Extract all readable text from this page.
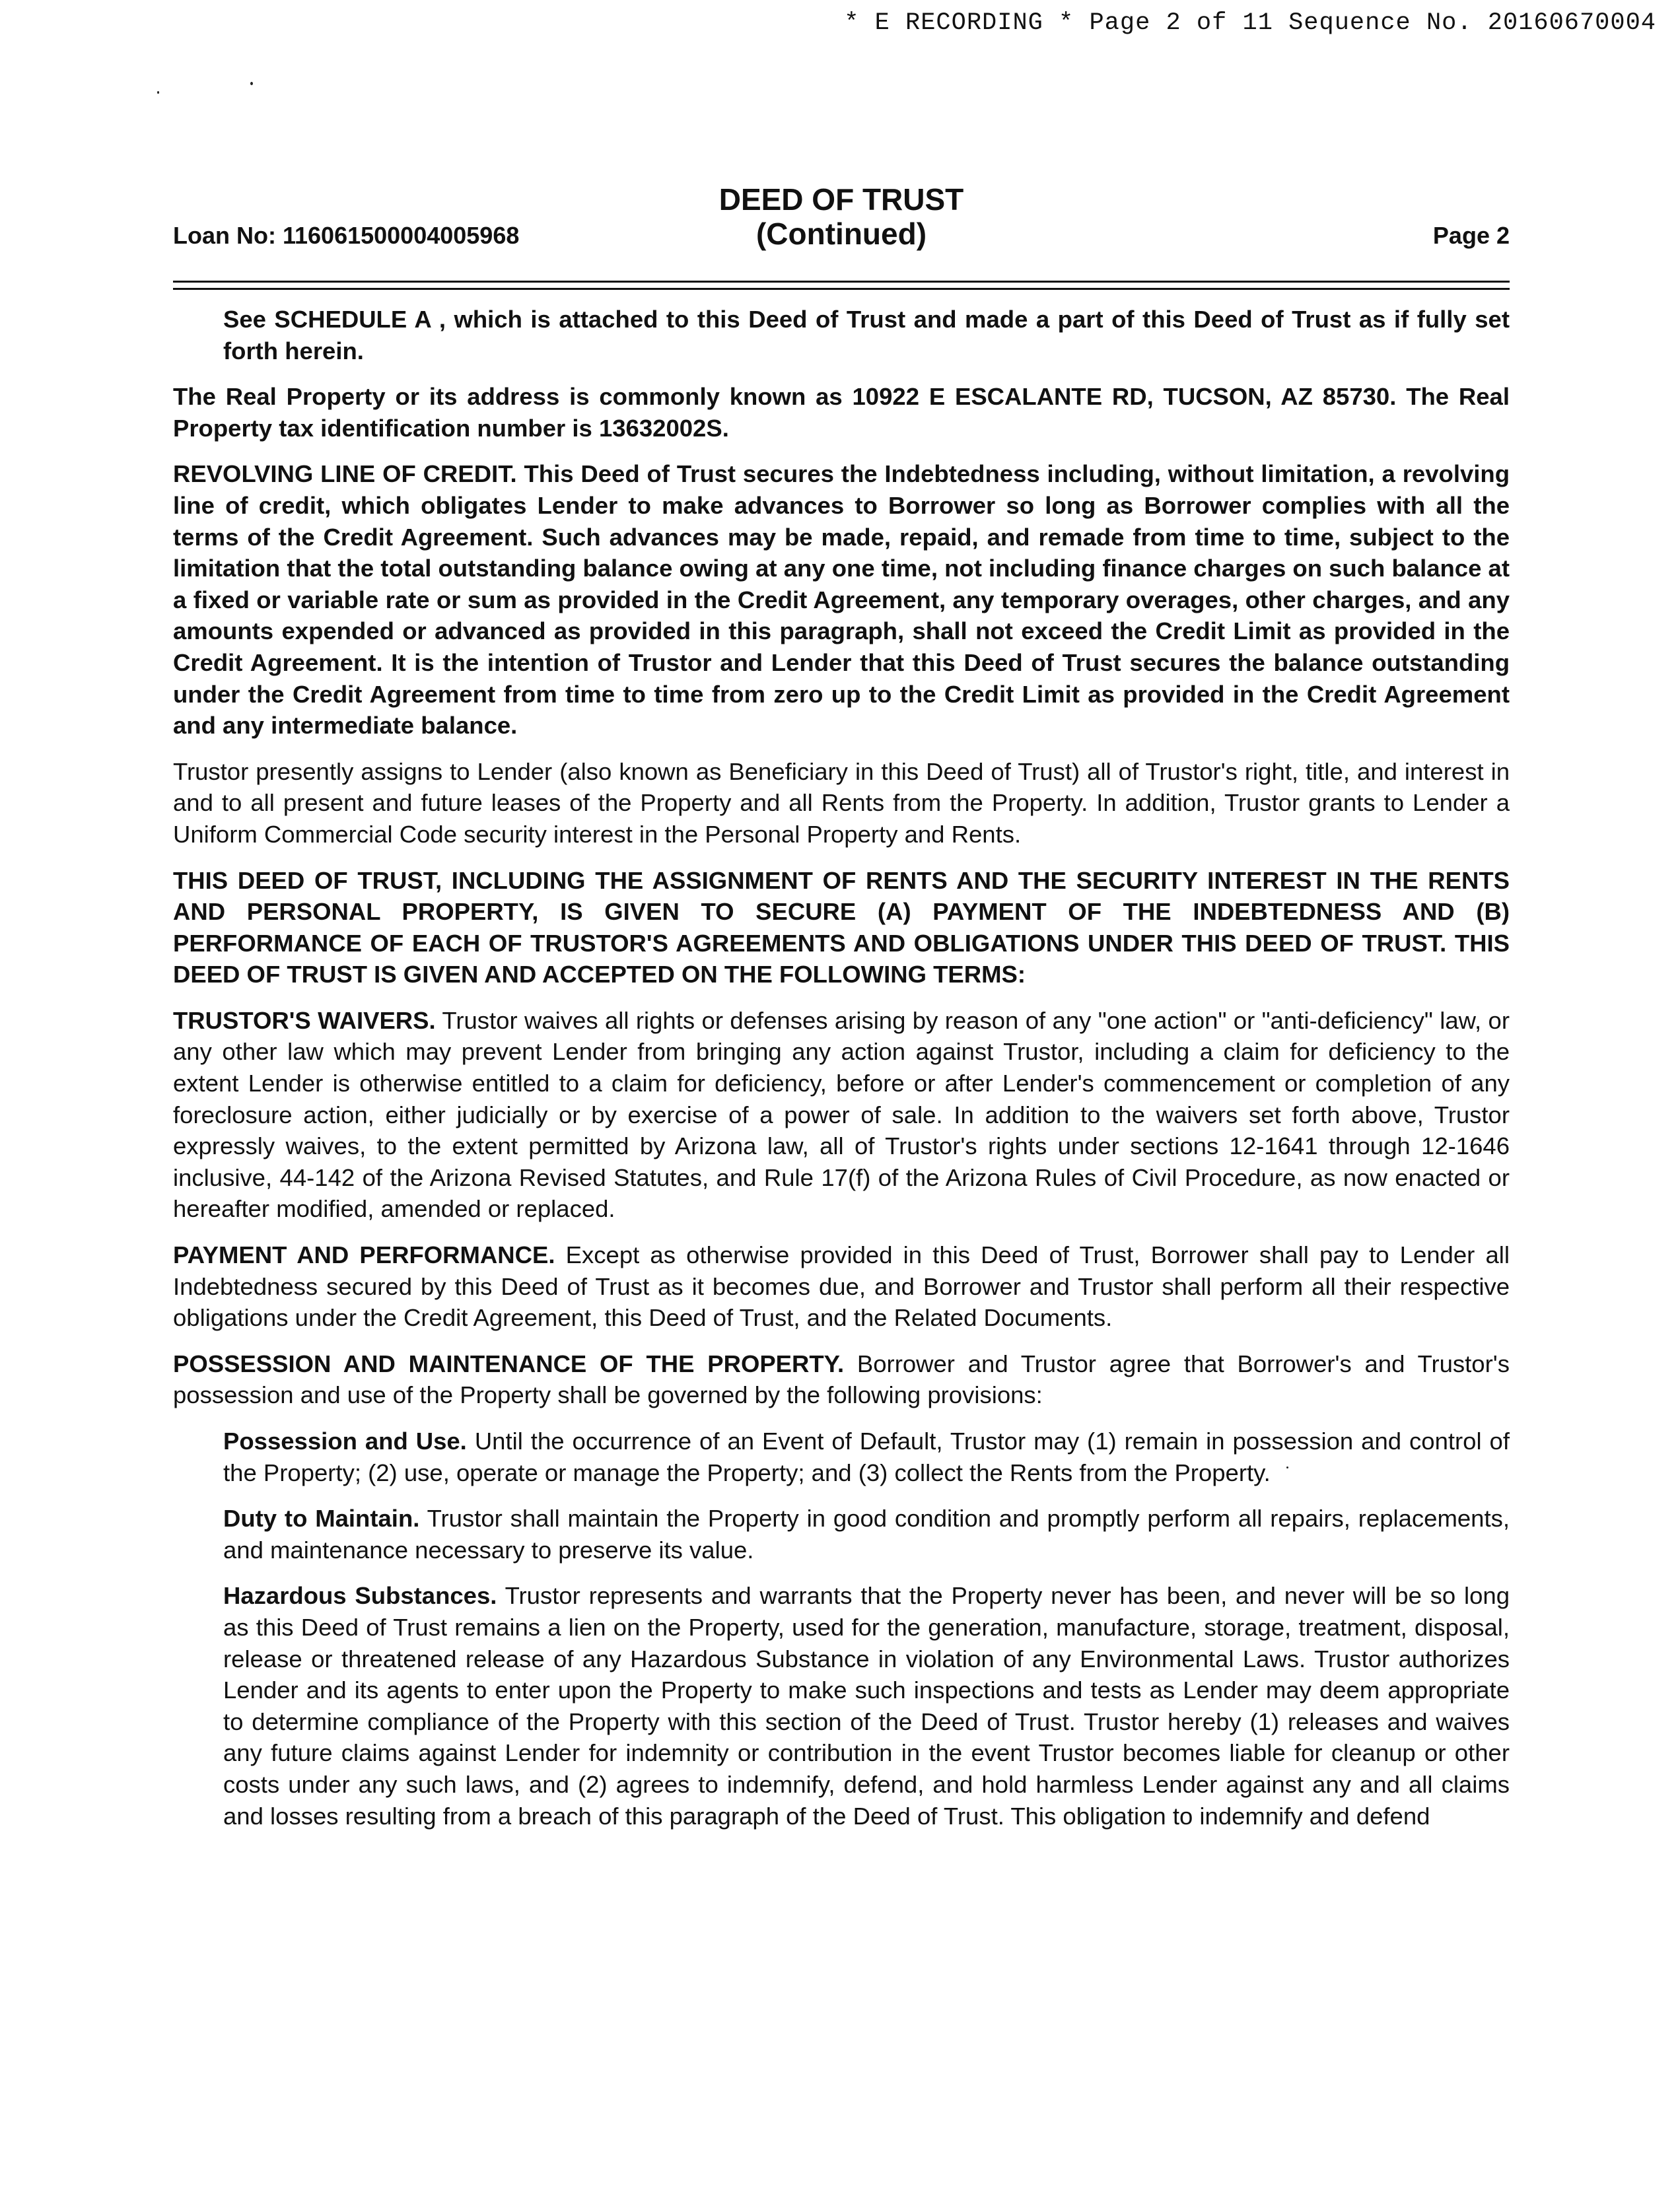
* E RECORDING * Page 2 of 11 Sequence No. 20160670004
Loan No: 116061500004005968
DEED OF TRUST
(Continued)	Page 2

See SCHEDULE A , which is attached to this Deed of Trust and made a part of this Deed of Trust as if fully set forth herein.

The Real Property or its address is commonly known as 10922 E ESCALANTE RD, TUCSON, AZ 85730. The Real Property tax identification number is 13632002S.

REVOLVING LINE OF CREDIT. This Deed of Trust secures the Indebtedness including, without limitation, a revolving line of credit, which obligates Lender to make advances to Borrower so long as Borrower complies with all the terms of the Credit Agreement. Such advances may be made, repaid, and remade from time to time, subject to the limitation that the total outstanding balance owing at any one time, not including finance charges on such balance at a fixed or variable rate or sum as provided in the Credit Agreement, any temporary overages, other charges, and any amounts expended or advanced as provided in this paragraph, shall not exceed the Credit Limit as provided in the Credit Agreement. It is the intention of Trustor and Lender that this Deed of Trust secures the balance outstanding under the Credit Agreement from time to time from zero up to the Credit Limit as provided in the Credit Agreement and any intermediate balance.

Trustor presently assigns to Lender (also known as Beneficiary in this Deed of Trust) all of Trustor's right, title, and interest in and to all present and future leases of the Property and all Rents from the Property. In addition, Trustor grants to Lender a Uniform Commercial Code security interest in the Personal Property and Rents.

THIS DEED OF TRUST, INCLUDING THE ASSIGNMENT OF RENTS AND THE SECURITY INTEREST IN THE RENTS AND PERSONAL PROPERTY, IS GIVEN TO SECURE (A) PAYMENT OF THE INDEBTEDNESS AND (B) PERFORMANCE OF EACH OF TRUSTOR'S AGREEMENTS AND OBLIGATIONS UNDER THIS DEED OF TRUST. THIS DEED OF TRUST IS GIVEN AND ACCEPTED ON THE FOLLOWING TERMS:

TRUSTOR'S WAIVERS. Trustor waives all rights or defenses arising by reason of any "one action" or "anti-deficiency" law, or any other law which may prevent Lender from bringing any action against Trustor, including a claim for deficiency to the extent Lender is otherwise entitled to a claim for deficiency, before or after Lender's commencement or completion of any foreclosure action, either judicially or by exercise of a power of sale. In addition to the waivers set forth above, Trustor expressly waives, to the extent permitted by Arizona law, all of Trustor's rights under sections 12-1641 through 12-1646 inclusive, 44-142 of the Arizona Revised Statutes, and Rule 17(f) of the Arizona Rules of Civil Procedure, as now enacted or hereafter modified, amended or replaced.

PAYMENT AND PERFORMANCE. Except as otherwise provided in this Deed of Trust, Borrower shall pay to Lender all Indebtedness secured by this Deed of Trust as it becomes due, and Borrower and Trustor shall perform all their respective obligations under the Credit Agreement, this Deed of Trust, and the Related Documents.

POSSESSION AND MAINTENANCE OF THE PROPERTY. Borrower and Trustor agree that Borrower's and Trustor's possession and use of the Property shall be governed by the following provisions:

Possession and Use. Until the occurrence of an Event of Default, Trustor may (1) remain in possession and control of the Property; (2) use, operate or manage the Property; and (3) collect the Rents from the Property.

Duty to Maintain. Trustor shall maintain the Property in good condition and promptly perform all repairs, replacements, and maintenance necessary to preserve its value.

Hazardous Substances. Trustor represents and warrants that the Property never has been, and never will be so long as this Deed of Trust remains a lien on the Property, used for the generation, manufacture, storage, treatment, disposal, release or threatened release of any Hazardous Substance in violation of any Environmental Laws. Trustor authorizes Lender and its agents to enter upon the Property to make such inspections and tests as Lender may deem appropriate to determine compliance of the Property with this section of the Deed of Trust. Trustor hereby (1) releases and waives any future claims against Lender for indemnity or contribution in the event Trustor becomes liable for cleanup or other costs under any such laws, and (2) agrees to indemnify, defend, and hold harmless Lender against any and all claims and losses resulting from a breach of this paragraph of the Deed of Trust. This obligation to indemnify and defend
